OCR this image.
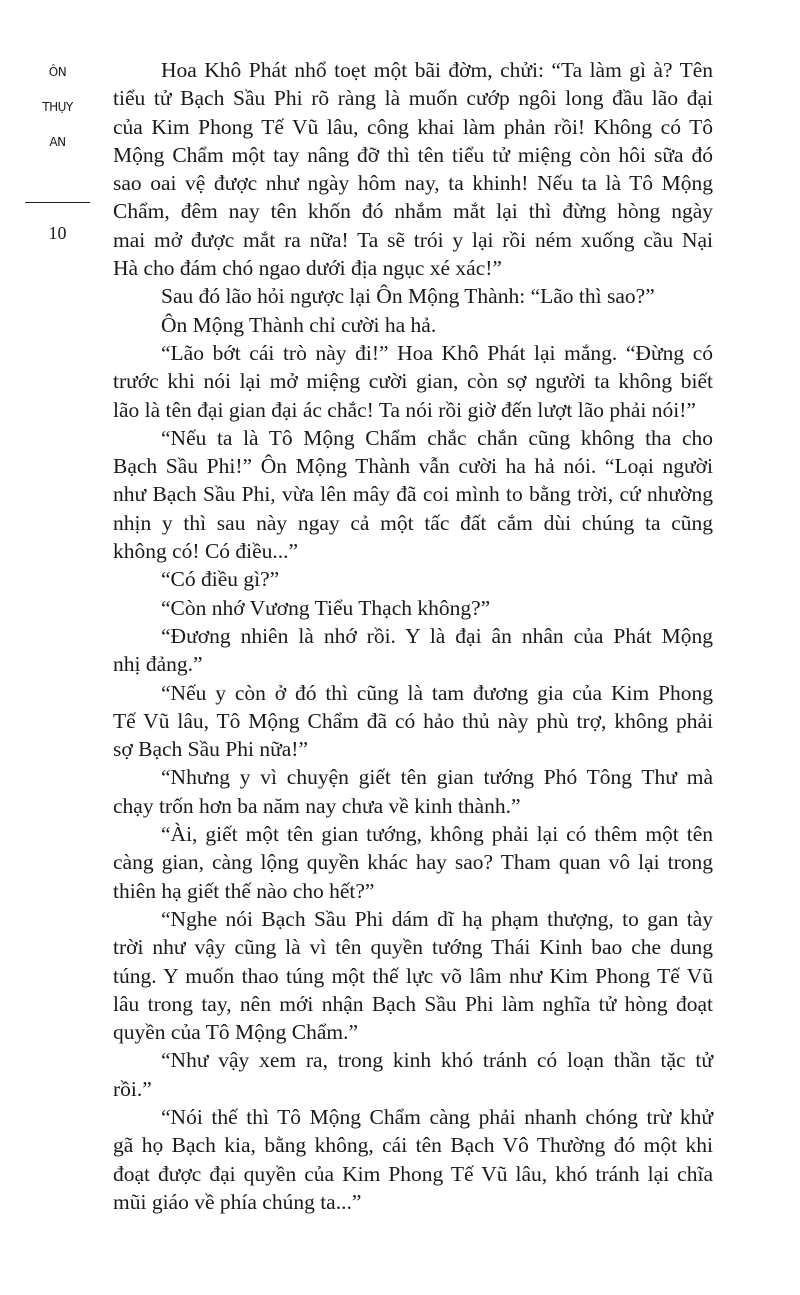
ÔN
THỤY
AN
10
Hoa Khô Phát nhổ toẹt một bãi đờm, chửi: “Ta làm gì à? Tên
tiểu tử Bạch Sầu Phi rõ ràng là muốn cướp ngôi long đầu lão đại
của Kim Phong Tế Vũ lâu, công khai làm phản rồi! Không có Tô
Mộng Chẩm một tay nâng đỡ thì tên tiểu tử miệng còn hôi sữa đó
sao oai vệ được như ngày hôm nay, ta khinh! Nếu ta là Tô Mộng
Chẩm, đêm nay tên khốn đó nhắm mắt lại thì đừng hòng ngày
mai mở được mắt ra nữa! Ta sẽ trói y lại rồi ném xuống cầu Nại
Hà cho đám chó ngao dưới địa ngục xé xác!”
Sau đó lão hỏi ngược lại Ôn Mộng Thành: “Lão thì sao?”
Ôn Mộng Thành chỉ cười ha hả.
“Lão bớt cái trò này đi!” Hoa Khô Phát lại mắng. “Đừng có
trước khi nói lại mở miệng cười gian, còn sợ người ta không biết
lão là tên đại gian đại ác chắc! Ta nói rồi giờ đến lượt lão phải nói!”
“Nếu ta là Tô Mộng Chẩm chắc chắn cũng không tha cho
Bạch Sầu Phi!” Ôn Mộng Thành vẫn cười ha hả nói. “Loại người
như Bạch Sầu Phi, vừa lên mây đã coi mình to bằng trời, cứ nhường
nhịn y thì sau này ngay cả một tấc đất cắm dùi chúng ta cũng
không có! Có điều...”
“Có điều gì?”
“Còn nhớ Vương Tiểu Thạch không?”
“Đương nhiên là nhớ rồi. Y là đại ân nhân của Phát Mộng
nhị đảng.”
“Nếu y còn ở đó thì cũng là tam đương gia của Kim Phong
Tế Vũ lâu, Tô Mộng Chẩm đã có hảo thủ này phù trợ, không phải
sợ Bạch Sầu Phi nữa!”
“Nhưng y vì chuyện giết tên gian tướng Phó Tông Thư mà
chạy trốn hơn ba năm nay chưa về kinh thành.”
“Ài, giết một tên gian tướng, không phải lại có thêm một tên
càng gian, càng lộng quyền khác hay sao? Tham quan vô lại trong
thiên hạ giết thế nào cho hết?”
“Nghe nói Bạch Sầu Phi dám dĩ hạ phạm thượng, to gan tày
trời như vậy cũng là vì tên quyền tướng Thái Kinh bao che dung
túng. Y muốn thao túng một thế lực võ lâm như Kim Phong Tế Vũ
lâu trong tay, nên mới nhận Bạch Sầu Phi làm nghĩa tử hòng đoạt
quyền của Tô Mộng Chẩm.”
“Như vậy xem ra, trong kinh khó tránh có loạn thần tặc tử
rồi.”
“Nói thế thì Tô Mộng Chẩm càng phải nhanh chóng trừ khử
gã họ Bạch kia, bằng không, cái tên Bạch Vô Thường đó một khi
đoạt được đại quyền của Kim Phong Tế Vũ lâu, khó tránh lại chĩa
mũi giáo về phía chúng ta...”
